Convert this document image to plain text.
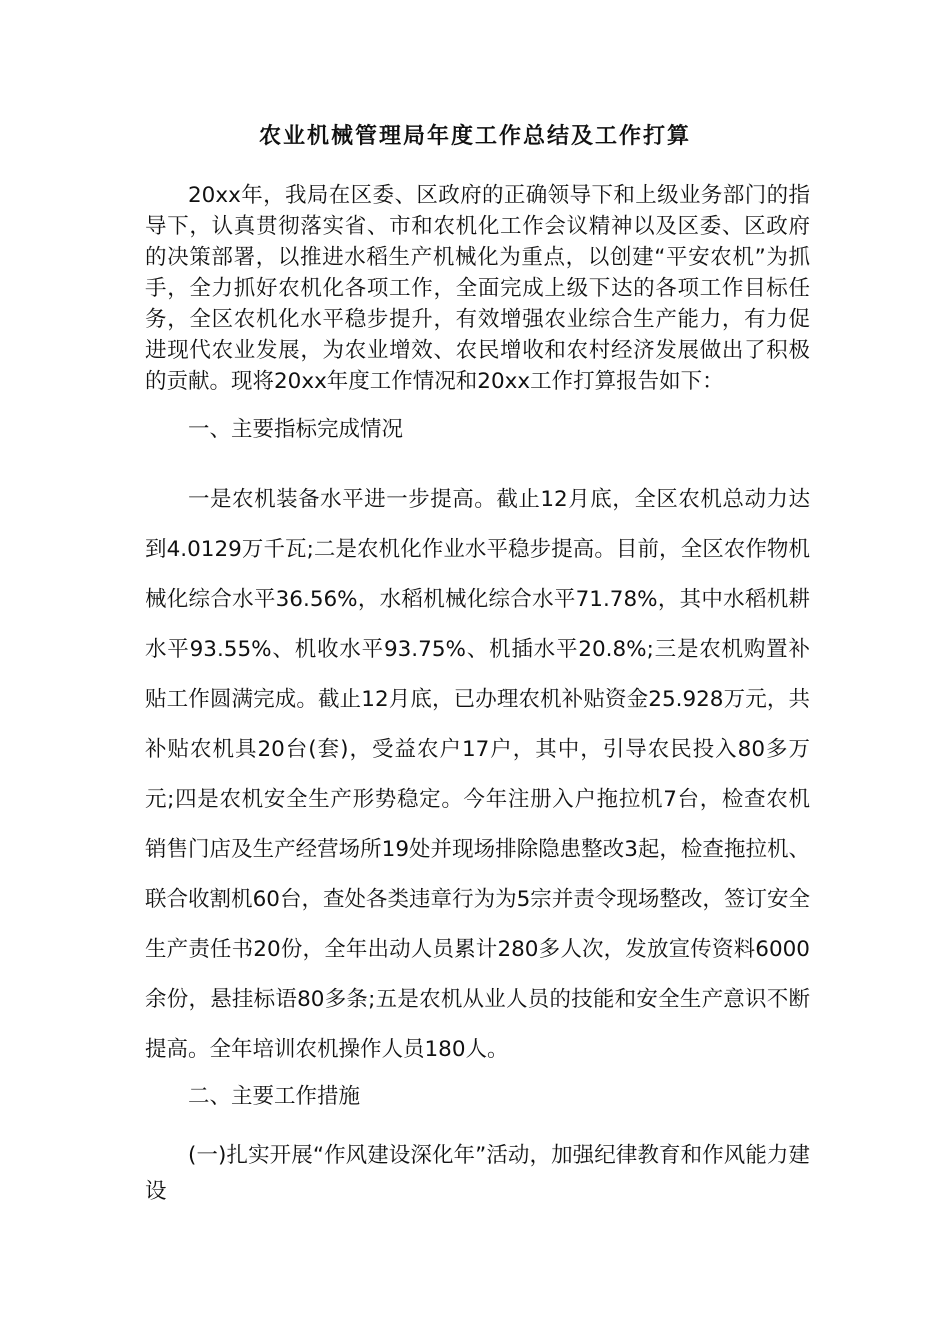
农业机械管理局年度工作总结及工作打算

20xx年，我局在区委、区政府的正确领导下和上级业务部门的指导下，认真贯彻落实省、市和农机化工作会议精神以及区委、区政府的决策部署，以推进水稻生产机械化为重点，以创建“平安农机”为抓手，全力抓好农机化各项工作，全面完成上级下达的各项工作目标任务，全区农机化水平稳步提升，有效增强农业综合生产能力，有力促进现代农业发展，为农业增效、农民增收和农村经济发展做出了积极的贡献。现将20xx年度工作情况和20xx工作打算报告如下：

一、主要指标完成情况

一是农机装备水平进一步提高。截止12月底，全区农机总动力达到4.0129万千瓦;二是农机化作业水平稳步提高。目前，全区农作物机械化综合水平36.56%，水稻机械化综合水平71.78%，其中水稻机耕水平93.55%、机收水平93.75%、机插水平20.8%;三是农机购置补贴工作圆满完成。截止12月底，已办理农机补贴资金25.928万元，共补贴农机具20台(套)，受益农户17户，其中，引导农民投入80多万元;四是农机安全生产形势稳定。今年注册入户拖拉机7台，检查农机销售门店及生产经营场所19处并现场排除隐患整改3起，检查拖拉机、联合收割机60台，查处各类违章行为为5宗并责令现场整改，签订安全生产责任书20份，全年出动人员累计280多人次，发放宣传资料6000余份，悬挂标语80多条;五是农机从业人员的技能和安全生产意识不断提高。全年培训农机操作人员180人。

二、主要工作措施

(一)扎实开展“作风建设深化年”活动，加强纪律教育和作风能力建设
